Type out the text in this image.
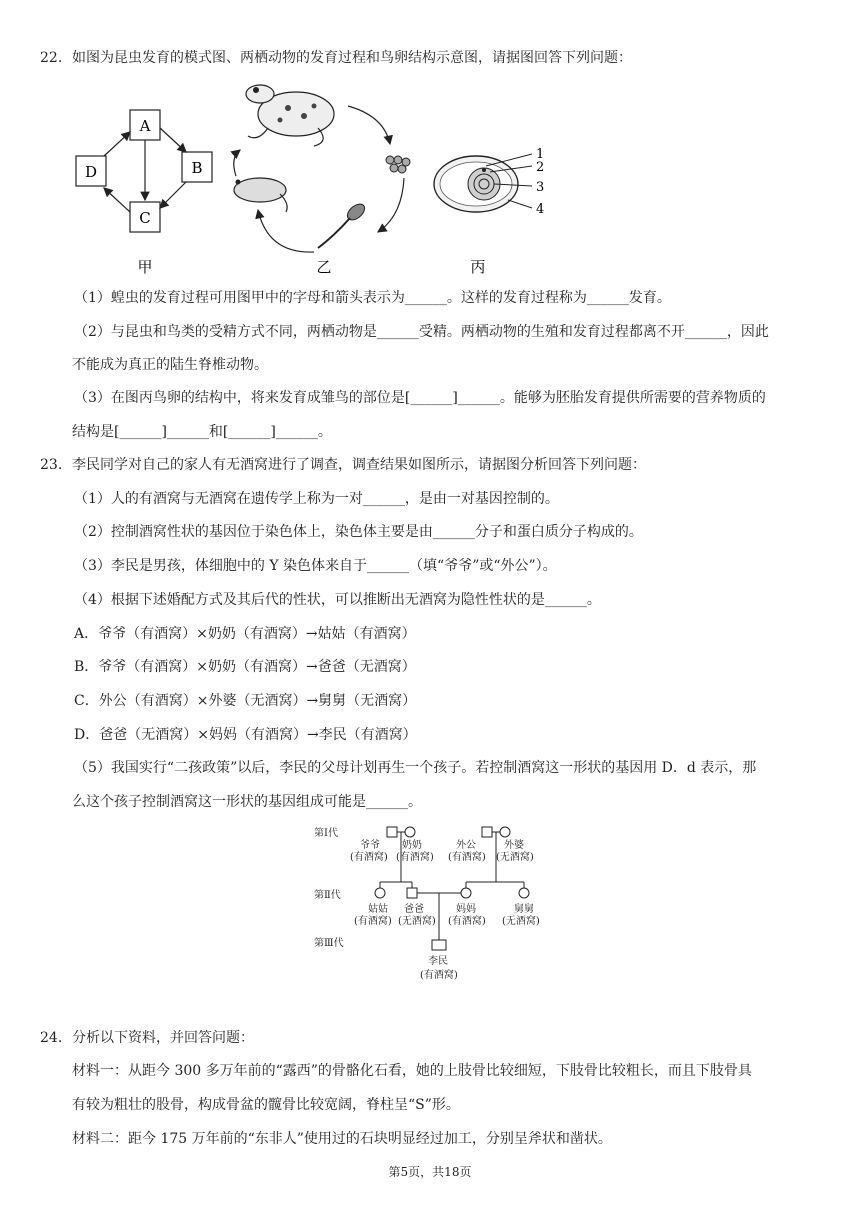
22. 如图为昆虫发育的模式图、两栖动物的发育过程和鸟卵结构示意图，请据图回答下列问题：
A
B
C
D
甲	乙
1
2
3
4
丙
（1）蝗虫的发育过程可用图甲中的字母和箭头表示为______。这样的发育过程称为______发育。
（2）与昆虫和鸟类的受精方式不同，两栖动物是______受精。两栖动物的生殖和发育过程都离不开______，因此
不能成为真正的陆生脊椎动物。
（3）在图丙鸟卵的结构中，将来发育成雏鸟的部位是[______]______。能够为胚胎发育提供所需要的营养物质的
结构是[______]______和[______]______。
23. 李民同学对自己的家人有无酒窝进行了调查，调查结果如图所示，请据图分析回答下列问题：
（1）人的有酒窝与无酒窝在遗传学上称为一对______，是由一对基因控制的。
（2）控制酒窝性状的基因位于染色体上，染色体主要是由______分子和蛋白质分子构成的。
（3）李民是男孩，体细胞中的 Y 染色体来自于______（填“爷爷”或“外公”）。
（4）根据下述婚配方式及其后代的性状，可以推断出无酒窝为隐性性状的是______。
A．爷爷（有酒窝）×奶奶（有酒窝）→姑姑（有酒窝）
B．爷爷（有酒窝）×奶奶（有酒窝）→爸爸（无酒窝）
C．外公（有酒窝）×外婆（无酒窝）→舅舅（无酒窝）
D．爸爸（无酒窝）×妈妈（有酒窝）→李民（有酒窝）
（5）我国实行“二孩政策”以后，李民的父母计划再生一个孩子。若控制酒窝这一形状的基因用 D．d 表示，那
么这个孩子控制酒窝这一形状的基因组成可能是______。
第Ⅰ代
第Ⅱ代
第Ⅲ代
爷爷
(有酒窝)
奶奶
(有酒窝)
外公
(有酒窝)
外婆
(无酒窝)
姑姑
(有酒窝)
爸爸
(无酒窝)
妈妈
(有酒窝)
舅舅
(无酒窝)
李民
(有酒窝)
24. 分析以下资料，并回答问题：
材料一：从距今 300 多万年前的“露西”的骨骼化石看，她的上肢骨比较细短，下肢骨比较粗长，而且下肢骨具
有较为粗壮的股骨，构成骨盆的髋骨比较宽阔，脊柱呈“S”形。
材料二：距今 175 万年前的“东非人”使用过的石块明显经过加工，分别呈斧状和凿状。
第5页，共18页
